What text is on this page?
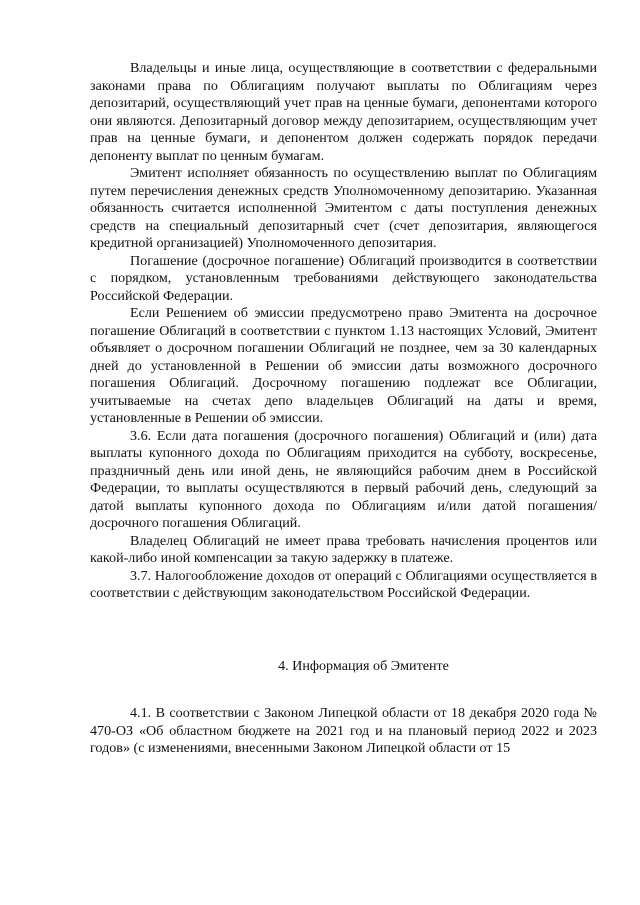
Владельцы и иные лица, осуществляющие в соответствии с федеральными законами права по Облигациям получают выплаты по Облигациям через депозитарий, осуществляющий учет прав на ценные бумаги, депонентами которого они являются. Депозитарный договор между депозитарием, осуществляющим учет прав на ценные бумаги, и депонентом должен содержать порядок передачи депоненту выплат по ценным бумагам.

Эмитент исполняет обязанность по осуществлению выплат по Облигациям путем перечисления денежных средств Уполномоченному депозитарию. Указанная обязанность считается исполненной Эмитентом с даты поступления денежных средств на специальный депозитарный счет (счет депозитария, являющегося кредитной организацией) Уполномоченного депозитария.

Погашение (досрочное погашение) Облигаций производится в соответствии с порядком, установленным требованиями действующего законодательства Российской Федерации.

Если Решением об эмиссии предусмотрено право Эмитента на досрочное погашение Облигаций в соответствии с пунктом 1.13 настоящих Условий, Эмитент объявляет о досрочном погашении Облигаций не позднее, чем за 30 календарных дней до установленной в Решении об эмиссии даты возможного досрочного погашения Облигаций. Досрочному погашению подлежат все Облигации, учитываемые на счетах депо владельцев Облигаций на даты и время, установленные в Решении об эмиссии.

3.6. Если дата погашения (досрочного погашения) Облигаций и (или) дата выплаты купонного дохода по Облигациям приходится на субботу, воскресенье, праздничный день или иной день, не являющийся рабочим днем в Российской Федерации, то выплаты осуществляются в первый рабочий день, следующий за датой выплаты купонного дохода по Облигациям и/или датой погашения/досрочного погашения Облигаций.

Владелец Облигаций не имеет права требовать начисления процентов или какой-либо иной компенсации за такую задержку в платеже.

3.7. Налогообложение доходов от операций с Облигациями осуществляется в соответствии с действующим законодательством Российской Федерации.

4. Информация об Эмитенте

4.1. В соответствии с Законом Липецкой области от 18 декабря 2020 года № 470-ОЗ «Об областном бюджете на 2021 год и на плановый период 2022 и 2023 годов» (с изменениями, внесенными Законом Липецкой области от 15
